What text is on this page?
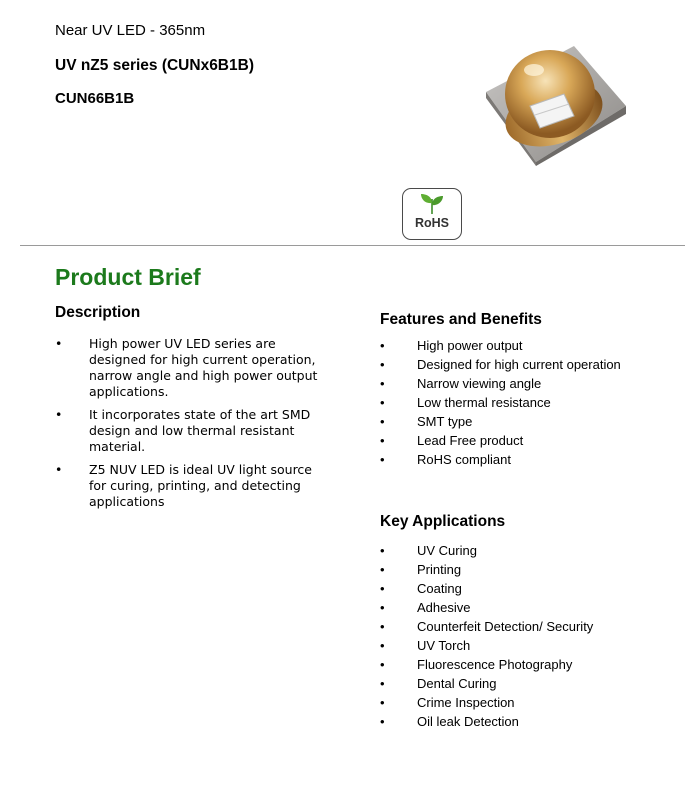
Near UV LED - 365nm
UV nZ5 series (CUNx6B1B)
CUN66B1B
RoHS
Product Brief
Description
• High power UV LED series are designed for high current operation, narrow angle and high power output applications.
• It incorporates state of the art SMD design and low thermal resistant material.
• Z5 NUV LED is ideal UV light source for curing, printing, and detecting applications
Features and Benefits
• High power output
• Designed for high current operation
• Narrow viewing angle
• Low thermal resistance
• SMT type
• Lead Free product
• RoHS compliant
Key Applications
• UV Curing
• Printing
• Coating
• Adhesive
• Counterfeit Detection/ Security
• UV Torch
• Fluorescence Photography
• Dental Curing
• Crime Inspection
• Oil leak Detection
